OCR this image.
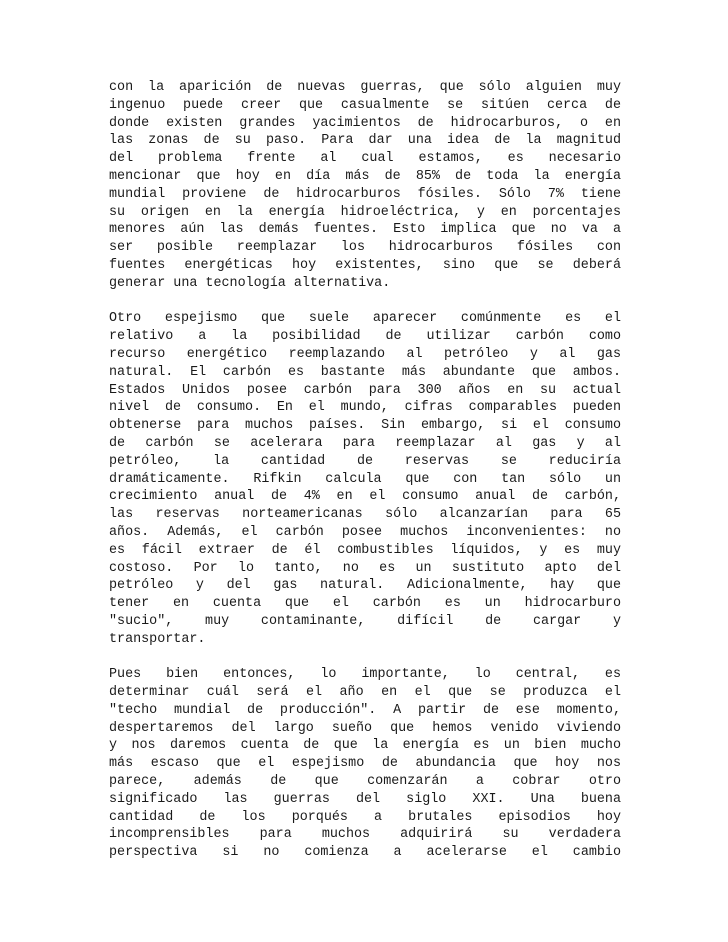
con la aparición de nuevas guerras, que sólo alguien muy
ingenuo puede creer que casualmente se sitúen cerca de
donde existen grandes yacimientos de hidrocarburos, o en
las zonas de su paso. Para dar una idea de la magnitud
del problema frente al cual estamos, es necesario
mencionar que hoy en día más de 85% de toda la energía
mundial proviene de hidrocarburos fósiles. Sólo 7% tiene
su origen en la energía hidroeléctrica, y en porcentajes
menores aún las demás fuentes. Esto implica que no va a
ser posible reemplazar los hidrocarburos fósiles con
fuentes energéticas hoy existentes, sino que se deberá
generar una tecnología alternativa.
Otro espejismo que suele aparecer comúnmente es el
relativo a la posibilidad de utilizar carbón como
recurso energético reemplazando al petróleo y al gas
natural. El carbón es bastante más abundante que ambos.
Estados Unidos posee carbón para 300 años en su actual
nivel de consumo. En el mundo, cifras comparables pueden
obtenerse para muchos países. Sin embargo, si el consumo
de carbón se acelerara para reemplazar al gas y al
petróleo, la cantidad de reservas se reduciría
dramáticamente. Rifkin calcula que con tan sólo un
crecimiento anual de 4% en el consumo anual de carbón,
las reservas norteamericanas sólo alcanzarían para 65
años. Además, el carbón posee muchos inconvenientes: no
es fácil extraer de él combustibles líquidos, y es muy
costoso. Por lo tanto, no es un sustituto apto del
petróleo y del gas natural. Adicionalmente, hay que
tener en cuenta que el carbón es un hidrocarburo
"sucio", muy contaminante, difícil de cargar y
transportar.
Pues bien entonces, lo importante, lo central, es
determinar cuál será el año en el que se produzca el
"techo mundial de producción". A partir de ese momento,
despertaremos del largo sueño que hemos venido viviendo
y nos daremos cuenta de que la energía es un bien mucho
más escaso que el espejismo de abundancia que hoy nos
parece, además de que comenzarán a cobrar otro
significado las guerras del siglo XXI. Una buena
cantidad de los porqués a brutales episodios hoy
incomprensibles para muchos adquirirá su verdadera
perspectiva si no comienza a acelerarse el cambio
